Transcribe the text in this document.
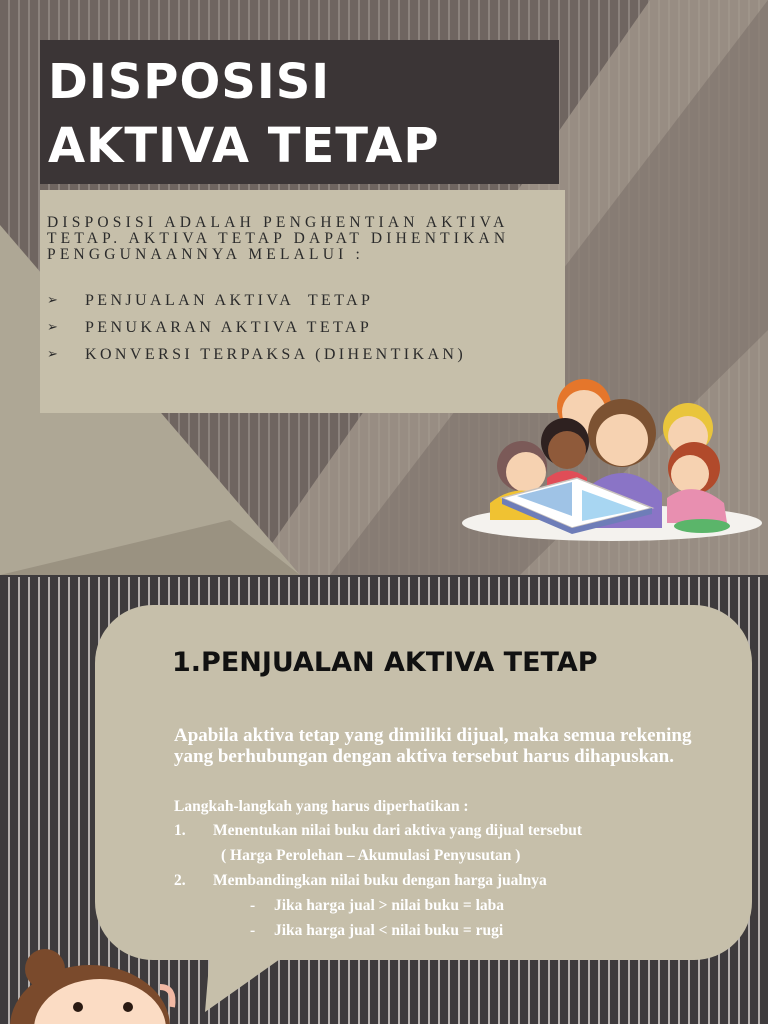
DISPOSISI
AKTIVA TETAP

DISPOSISI ADALAH PENGHENTIAN AKTIVA TETAP. AKTIVA TETAP DAPAT DIHENTIKAN PENGGUNAANNYA MELALUI :

➢	PENJUALAN AKTIVA  TETAP
➢	PENUKARAN AKTIVA TETAP
➢	KONVERSI TERPAKSA (DIHENTIKAN)
1.PENJUALAN AKTIVA TETAP

Apabila aktiva tetap yang dimiliki dijual, maka semua rekening yang berhubungan dengan aktiva tersebut harus dihapuskan.

Langkah-langkah yang harus diperhatikan :
1. Menentukan nilai buku dari aktiva yang dijual tersebut
( Harga Perolehan – Akumulasi Penyusutan )
2. Membandingkan nilai buku dengan harga jualnya
- Jika harga jual > nilai buku = laba
- Jika harga jual < nilai buku = rugi
